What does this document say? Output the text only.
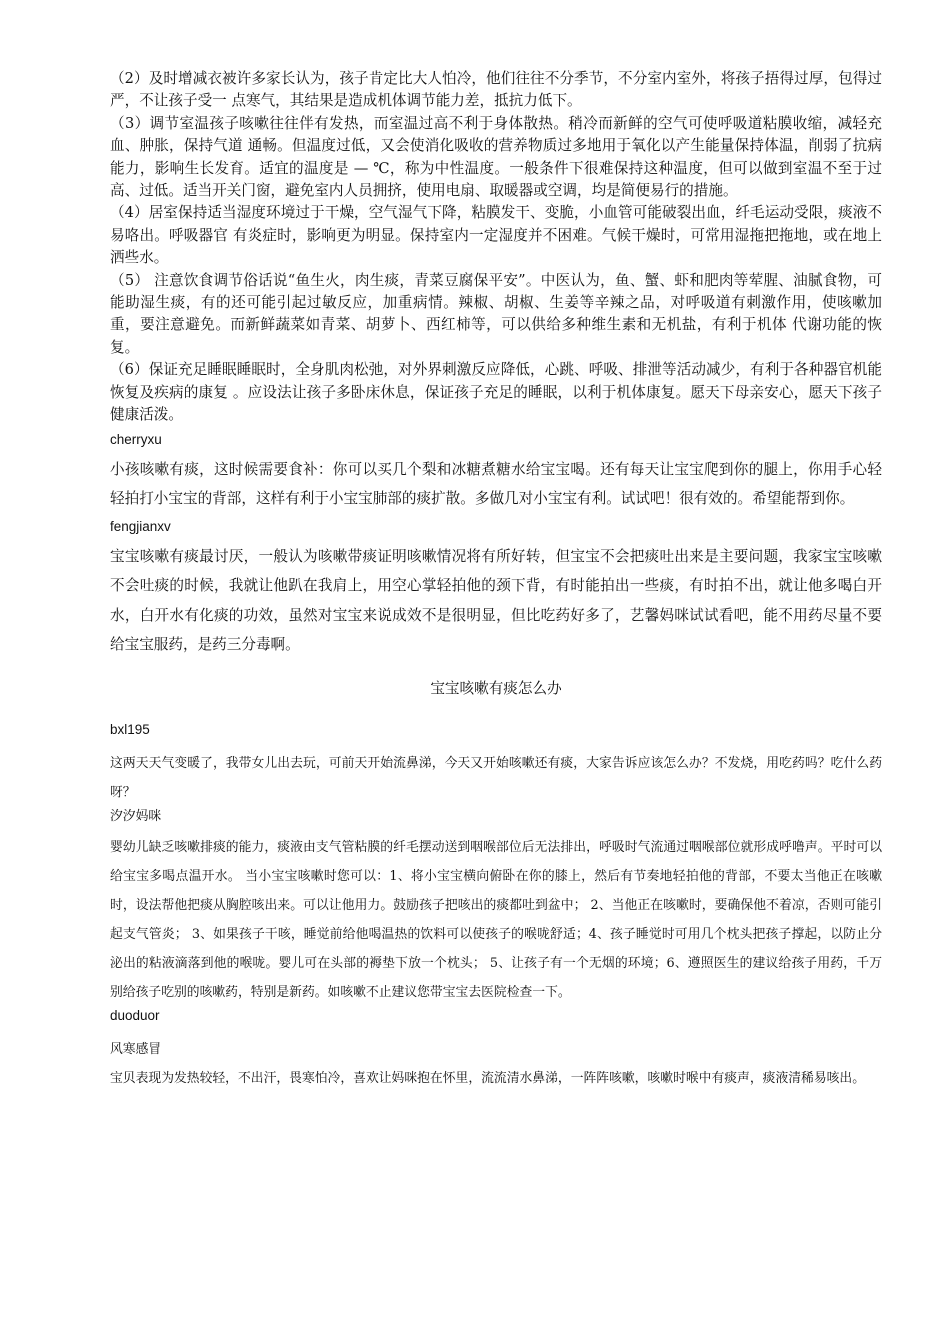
（2）及时增减衣被许多家长认为，孩子肯定比大人怕冷，他们往往不分季节，不分室内室外，将孩子捂得过厚，包得过严，不让孩子受一 点寒气，其结果是造成机体调节能力差，抵抗力低下。

（3）调节室温孩子咳嗽往往伴有发热，而室温过高不利于身体散热。稍冷而新鲜的空气可使呼吸道粘膜收缩，减轻充血、肿胀，保持气道 通畅。但温度过低，又会使消化吸收的营养物质过多地用于氧化以产生能量保持体温，削弱了抗病能力，影响生长发育。适宜的温度是 — ℃，称为中性温度。一般条件下很难保持这种温度，但可以做到室温不至于过高、过低。适当开关门窗，避免室内人员拥挤，使用电扇、取暖器或空调，均是简便易行的措施。

（4）居室保持适当湿度环境过于干燥，空气湿气下降，粘膜发干、变脆，小血管可能破裂出血，纤毛运动受限，痰液不易咯出。呼吸器官 有炎症时，影响更为明显。保持室内一定湿度并不困难。气候干燥时，可常用湿拖把拖地，或在地上洒些水。

（5） 注意饮食调节俗话说“鱼生火，肉生痰，青菜豆腐保平安”。中医认为，鱼、蟹、虾和肥肉等荤腥、油腻食物，可能助湿生痰，有的还可能引起过敏反应，加重病情。辣椒、胡椒、生姜等辛辣之品，对呼吸道有刺激作用，使咳嗽加重，要注意避免。而新鲜蔬菜如青菜、胡萝卜、西红柿等，可以供给多种维生素和无机盐，有利于机体 代谢功能的恢复。

（6）保证充足睡眠睡眠时，全身肌肉松弛，对外界刺激反应降低，心跳、呼吸、排泄等活动减少，有利于各种器官机能恢复及疾病的康复 。应设法让孩子多卧床休息，保证孩子充足的睡眠，以利于机体康复。愿天下母亲安心，愿天下孩子健康活泼。

cherryxu

小孩咳嗽有痰，这时候需要食补：你可以买几个梨和冰糖煮糖水给宝宝喝。还有每天让宝宝爬到你的腿上，你用手心轻轻拍打小宝宝的背部，这样有利于小宝宝肺部的痰扩散。多做几对小宝宝有利。试试吧！很有效的。希望能帮到你。

fengjianxv

宝宝咳嗽有痰最讨厌，一般认为咳嗽带痰证明咳嗽情况将有所好转，但宝宝不会把痰吐出来是主要问题，我家宝宝咳嗽不会吐痰的时候，我就让他趴在我肩上，用空心掌轻拍他的颈下背，有时能拍出一些痰，有时拍不出，就让他多喝白开水，白开水有化痰的功效，虽然对宝宝来说成效不是很明显，但比吃药好多了，艺馨妈咪试试看吧，能不用药尽量不要给宝宝服药，是药三分毒啊。

宝宝咳嗽有痰怎么办
bxl195

这两天天气变暖了，我带女儿出去玩，可前天开始流鼻涕，今天又开始咳嗽还有痰，大家告诉应该怎么办？不发烧，用吃药吗？吃什么药呀？

汐汐妈咪

婴幼儿缺乏咳嗽排痰的能力，痰液由支气管粘膜的纤毛摆动送到咽喉部位后无法排出，呼吸时气流通过咽喉部位就形成呼噜声。平时可以给宝宝多喝点温开水。 当小宝宝咳嗽时您可以：1、将小宝宝横向俯卧在你的膝上，然后有节奏地轻拍他的背部，不要太当他正在咳嗽时，设法帮他把痰从胸腔咳出来。可以让他用力。鼓励孩子把咳出的痰都吐到盆中； 2、当他正在咳嗽时，要确保他不着凉，否则可能引起支气管炎； 3、如果孩子干咳，睡觉前给他喝温热的饮料可以使孩子的喉咙舒适；4、孩子睡觉时可用几个枕头把孩子撑起，以防止分泌出的粘液滴落到他的喉咙。婴儿可在头部的褥垫下放一个枕头； 5、让孩子有一个无烟的环境；6、遵照医生的建议给孩子用药，千万别给孩子吃别的咳嗽药，特别是新药。如咳嗽不止建议您带宝宝去医院检查一下。

duoduor

风寒感冒

宝贝表现为发热较轻，不出汗，畏寒怕冷，喜欢让妈咪抱在怀里，流流清水鼻涕，一阵阵咳嗽，咳嗽时喉中有痰声，痰液清稀易咳出。
